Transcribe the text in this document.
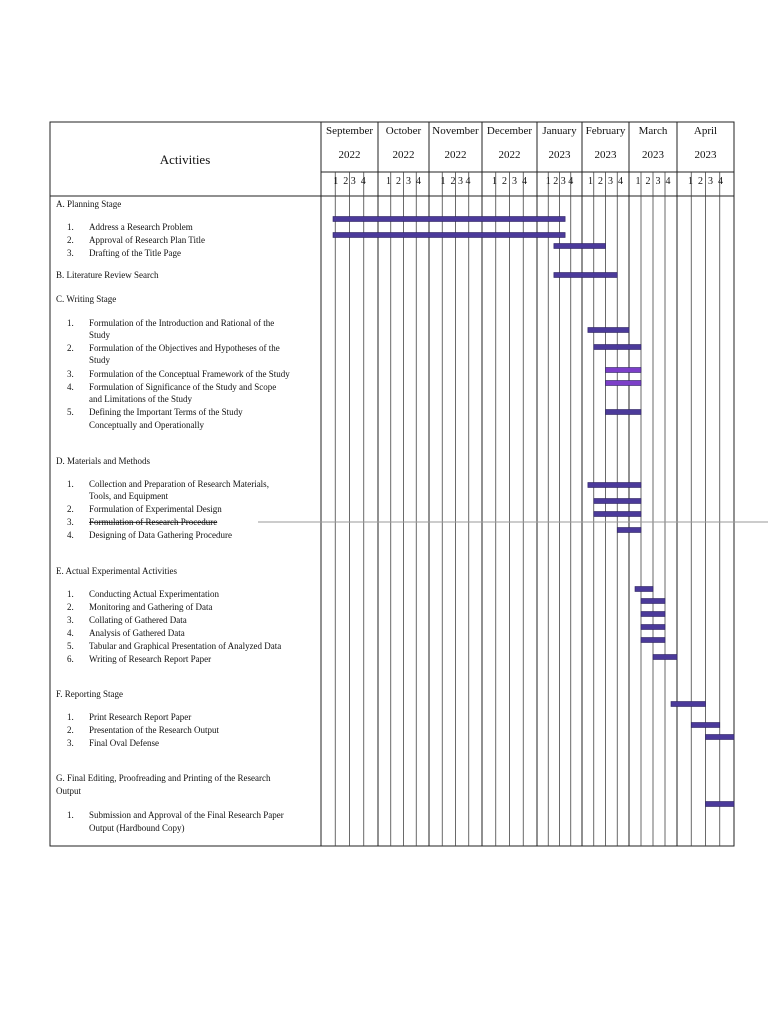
Activities
September
2022
1  2 3  4
October
2022
1  2  3  4
November
2022
1  2 3 4
December
2022
1  2  3  4
January
2023
1 2 3 4
February
2023
1  2  3  4
March
2023
1  2  3  4
April
2023
1  2  3  4
A. Planning Stage
1. Address a Research Problem
2. Approval of Research Plan Title
3. Drafting of the Title Page
B. Literature Review Search
C. Writing Stage
1. Formulation of the Introduction and Rational of the
Study
2. Formulation of the Objectives and Hypotheses of the
Study
3. Formulation of the Conceptual Framework of the Study
4. Formulation of Significance of the Study and Scope
and Limitations of the Study
5. Defining the Important Terms of the Study
Conceptually and Operationally
D. Materials and Methods
1. Collection and Preparation of Research Materials,
Tools, and Equipment
2. Formulation of Experimental Design
3. Formulation of Research Procedure
4. Designing of Data Gathering Procedure
E. Actual Experimental Activities
1. Conducting Actual Experimentation
2. Monitoring and Gathering of Data
3. Collating of Gathered Data
4. Analysis of Gathered Data
5. Tabular and Graphical Presentation of Analyzed Data
6. Writing of Research Report Paper
F. Reporting Stage
1. Print Research Report Paper
2. Presentation of the Research Output
3. Final Oval Defense
G. Final Editing, Proofreading and Printing of the Research
Output
1. Submission and Approval of the Final Research Paper
Output (Hardbound Copy)
